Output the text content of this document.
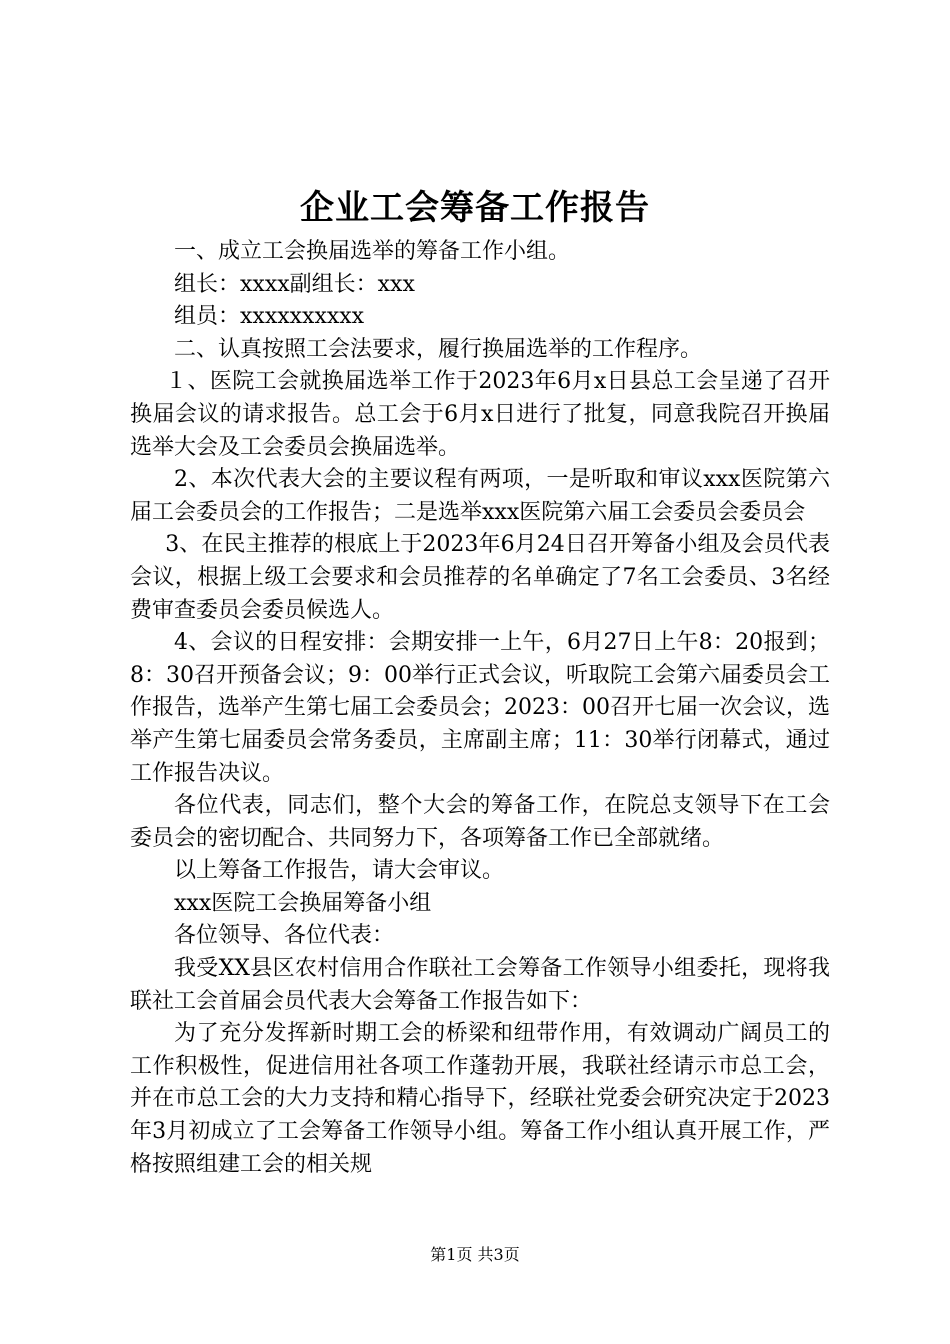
企业工会筹备工作报告

一、成立工会换届选举的筹备工作小组。

组长：xxxx副组长：xxx

组员：xxxxxxxxxx

二、认真按照工会法要求，履行换届选举的工作程序。

１、医院工会就换届选举工作于2023年6月x日县总工会呈递了召开换届会议的请求报告。总工会于6月x日进行了批复，同意我院召开换届选举大会及工会委员会换届选举。

2、本次代表大会的主要议程有两项，一是听取和审议xxx医院第六届工会委员会的工作报告；二是选举xxx医院第六届工会委员会委员会

3、在民主推荐的根底上于2023年6月24日召开筹备小组及会员代表会议，根据上级工会要求和会员推荐的名单确定了7名工会委员、3名经费审查委员会委员候选人。

4、会议的日程安排：会期安排一上午，6月27日上午8：20报到；8：30召开预备会议；9：00举行正式会议，听取院工会第六届委员会工作报告，选举产生第七届工会委员会；2023：00召开七届一次会议，选举产生第七届委员会常务委员，主席副主席；11：30举行闭幕式，通过工作报告决议。

各位代表，同志们，整个大会的筹备工作，在院总支领导下在工会委员会的密切配合、共同努力下，各项筹备工作已全部就绪。

以上筹备工作报告，请大会审议。

xxx医院工会换届筹备小组

各位领导、各位代表：

我受XX县区农村信用合作联社工会筹备工作领导小组委托，现将我联社工会首届会员代表大会筹备工作报告如下：

为了充分发挥新时期工会的桥梁和纽带作用，有效调动广阔员工的工作积极性，促进信用社各项工作蓬勃开展，我联社经请示市总工会，并在市总工会的大力支持和精心指导下，经联社党委会研究决定于2023年3月初成立了工会筹备工作领导小组。筹备工作小组认真开展工作，严格按照组建工会的相关规

第1页 共3页
